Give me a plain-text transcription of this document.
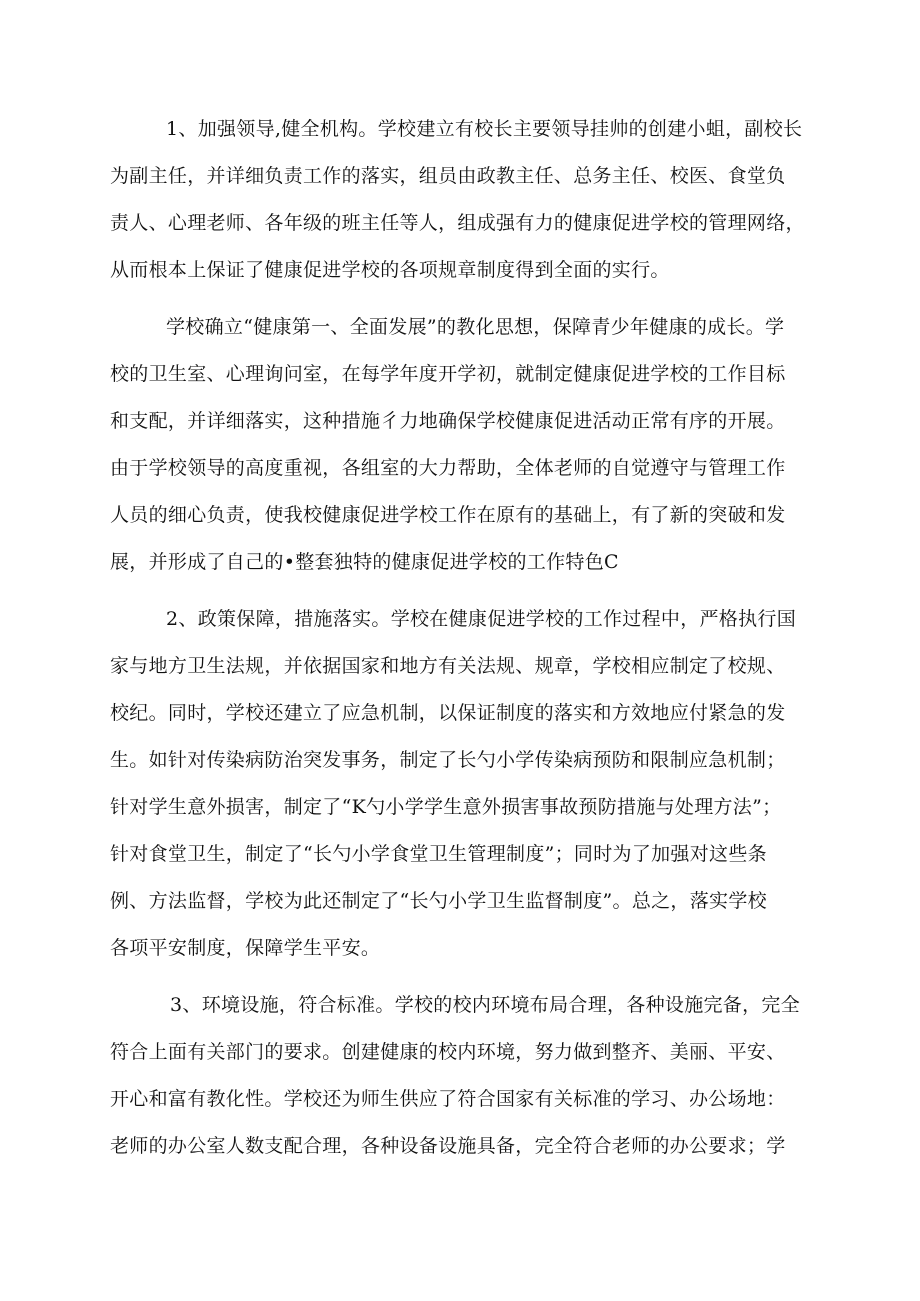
1、加强领导,健全机构。学校建立有校长主要领导挂帅的创建小蛆，副校长

为副主任，并详细负责工作的落实，组员由政教主任、总务主任、校医、食堂负

责人、心理老师、各年级的班主任等人，组成强有力的健康促进学校的管理网络，

从而根本上保证了健康促进学校的各项规章制度得到全面的实行。

学校确立“健康第一、全面发展”的教化思想，保障青少年健康的成长。学

校的卫生室、心理询问室，在每学年度开学初，就制定健康促进学校的工作目标

和支配，并详细落实，这种措施彳力地确保学校健康促进活动正常有序的开展。

由于学校领导的高度重视，各组室的大力帮助，全体老师的自觉遵守与管理工作

人员的细心负责，使我校健康促进学校工作在原有的基础上，有了新的突破和发

展，并形成了自己的•整套独特的健康促进学校的工作特色C

2、政策保障，措施落实。学校在健康促进学校的工作过程中，严格执行国

家与地方卫生法规，并依据国家和地方有关法规、规章，学校相应制定了校规、

校纪。同时，学校还建立了应急机制，以保证制度的落实和方效地应付紧急的发

生。如针对传染病防治突发事务，制定了长勺小学传染病预防和限制应急机制；

针对学生意外损害，制定了“K勺小学学生意外损害事故预防措施与处理方法”；

针对食堂卫生，制定了“长勺小学食堂卫生管理制度”；同时为了加强对这些条

例、方法监督，学校为此还制定了“长勺小学卫生监督制度”。总之，落实学校

各项平安制度，保障学生平安。

3、环境设施，符合标准。学校的校内环境布局合理，各种设施完备，完全

符合上面有关部门的要求。创建健康的校内环境，努力做到整齐、美丽、平安、

开心和富有教化性。学校还为师生供应了符合国家有关标准的学习、办公场地：

老师的办公室人数支配合理，各种设备设施具备，完全符合老师的办公要求；学
